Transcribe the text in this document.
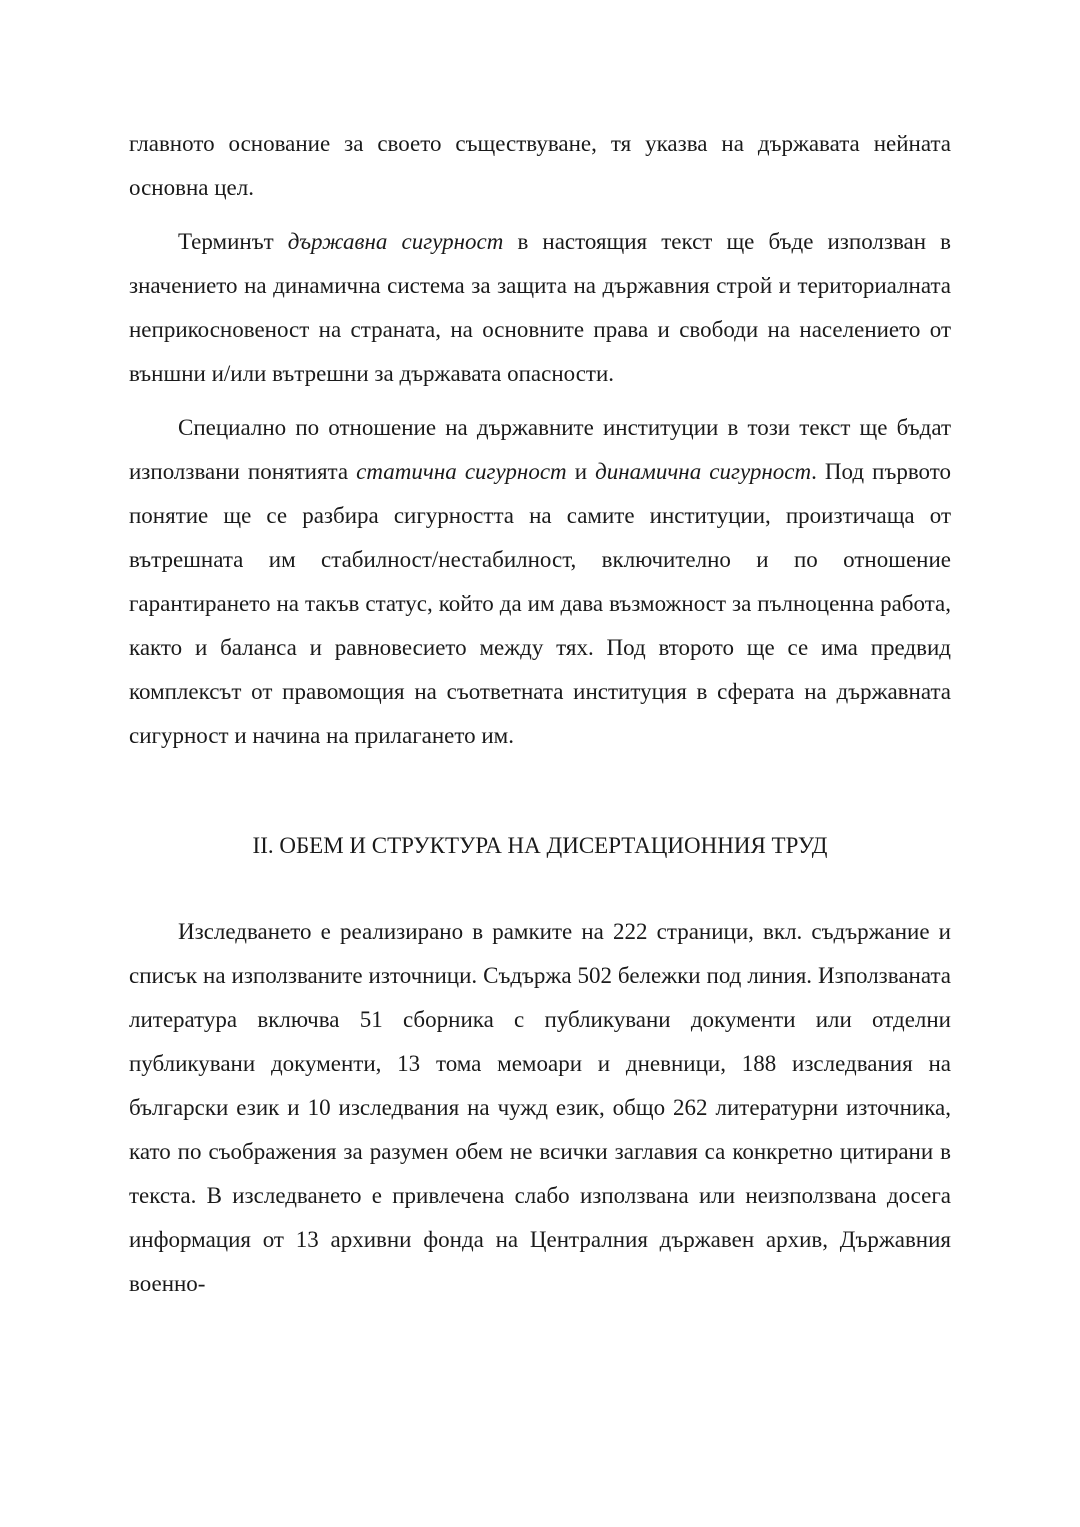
главното основание за своето съществуване, тя указва на държавата нейната основна цел.

Терминът държавна сигурност в настоящия текст ще бъде използван в значението на динамична система за защита на държавния строй и териториалната неприкосновеност на страната, на основните права и свободи на населението от външни и/или вътрешни за държавата опасности.

Специално по отношение на държавните институции в този текст ще бъдат използвани понятията статична сигурност и динамична сигурност. Под първото понятие ще се разбира сигурността на самите институции, произтичаща от вътрешната им стабилност/нестабилност, включително и по отношение гарантирането на такъв статус, който да им дава възможност за пълноценна работа, както и баланса и равновесието между тях. Под второто ще се има предвид комплексът от правомощия на съответната институция в сферата на държавната сигурност и начина на прилагането им.

II. ОБЕМ И СТРУКТУРА НА ДИСЕРТАЦИОННИЯ ТРУД

Изследването е реализирано в рамките на 222 страници, вкл. съдържание и списък на използваните източници. Съдържа 502 бележки под линия. Използваната литература включва 51 сборника с публикувани документи или отделни публикувани документи, 13 тома мемоари и дневници, 188 изследвания на български език и 10 изследвания на чужд език, общо 262 литературни източника, като по съображения за разумен обем не всички заглавия са конкретно цитирани в текста. В изследването е привлечена слабо използвана или неизползвана досега информация от 13 архивни фонда на Централния държавен архив, Държавния военно-
